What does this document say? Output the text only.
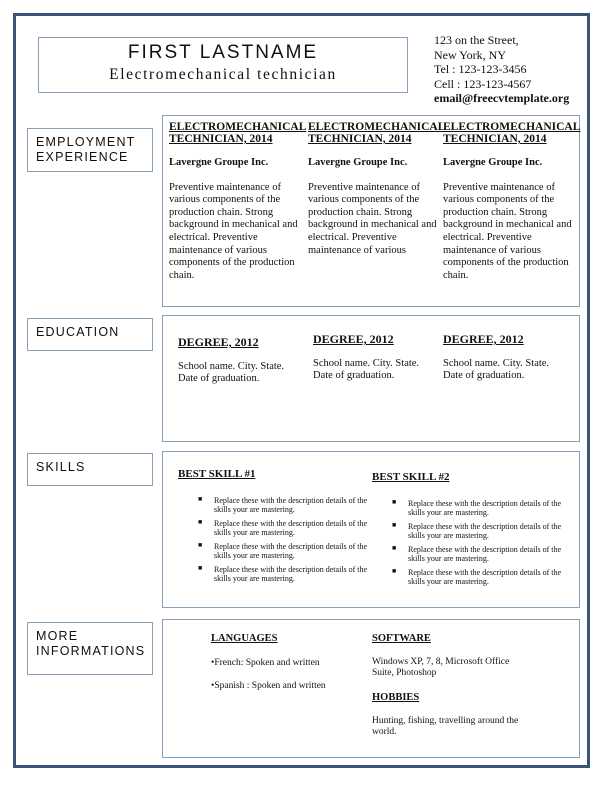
FIRST LASTNAME
Electromechanical technician
123 on the Street,
New York, NY
Tel : 123-123-3456
Cell : 123-123-4567
email@freecvtemplate.org
EMPLOYMENT EXPERIENCE
ELECTROMECHANICAL TECHNICIAN, 2014
Lavergne Groupe Inc.
Preventive maintenance of various components of the production chain. Strong background in mechanical and electrical. Preventive maintenance of various components of the production chain.
ELECTROMECHANICAL TECHNICIAN, 2014
Lavergne Groupe Inc.
Preventive maintenance of various components of the production chain. Strong background in mechanical and electrical. Preventive maintenance of various
ELECTROMECHANICAL TECHNICIAN, 2014
Lavergne Groupe Inc.
Preventive maintenance of various components of the production chain. Strong background in mechanical and electrical. Preventive maintenance of various components of the production chain.
EDUCATION
DEGREE, 2012
School name. City. State.
Date of graduation.
DEGREE, 2012
School name. City. State.
Date of graduation.
DEGREE, 2012
School name. City. State.
Date of graduation.
SKILLS	BEST SKILL #1
■ Replace these with the description details of the skills your are mastering.
■ Replace these with the description details of the skills your are mastering.
■ Replace these with the description details of the skills your are mastering.
■ Replace these with the description details of the skills your are mastering.
BEST SKILL #2
■ Replace these with the description details of the skills your are mastering.
■ Replace these with the description details of the skills your are mastering.
■ Replace these with the description details of the skills your are mastering.
■ Replace these with the description details of the skills your are mastering.
MORE INFORMATIONS
LANGUAGES
•French: Spoken and written
•Spanish : Spoken and written
SOFTWARE
Windows XP, 7, 8, Microsoft Office Suite, Photoshop
HOBBIES
Hunting, fishing, travelling around the world.
